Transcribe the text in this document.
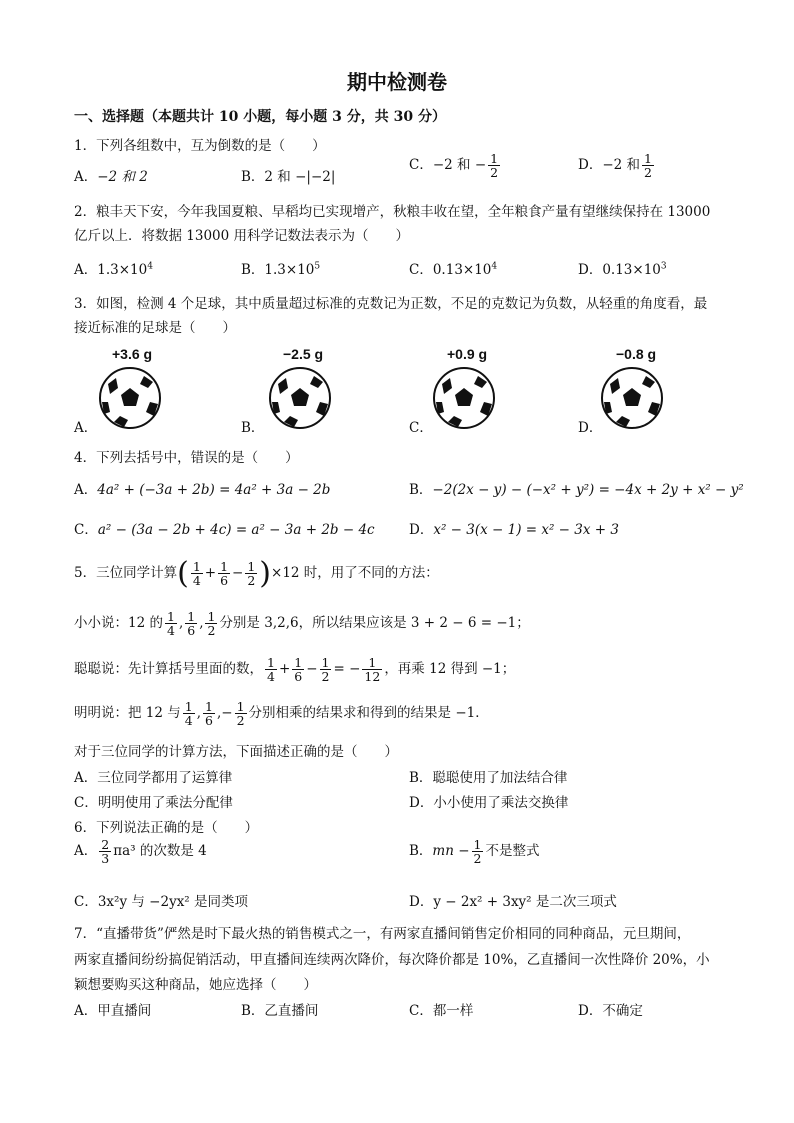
期中检测卷
一、选择题（本题共计 10 小题，每小题 3 分，共 30 分）
1．下列各组数中，互为倒数的是（　　）
A．−2 和 2	B．2 和 −|−2|
C．−2 和 − $\frac{1}{2}$	D．−2 和 $\frac{1}{2}$
2．粮丰天下安，今年我国夏粮、早稻均已实现增产，秋粮丰收在望，全年粮食产量有望继续保持在 13000
亿斤以上．将数据 13000 用科学记数法表示为（　　）
A．$1.3\times 10^4$	B．$1.3\times 10^5$	C．$0.13\times 10^4$	D．$0.13\times 10^3$
3．如图，检测 4 个足球，其中质量超过标准的克数记为正数，不足的克数记为负数，从轻重的角度看，最
接近标准的足球是（　　）
+3.6 g	−2.5 g	+0.9 g	−0.8 g
A．	B．	C．	D．
4．下列去括号中，错误的是（　　）
A．4a² + (−3a + 2b) = 4a² + 3a − 2b	B．−2(2x − y) − (−x² + y²) = −4x + 2y + x² − y²
C．a² − (3a − 2b + 4c) = a² − 3a + 2b − 4c	D．x² − 3(x − 1) = x² − 3x + 3
5．三位同学计算( $\frac{1}{4} + \frac{1}{6} - \frac{1}{2} )\times 12$ 时，用了不同的方法：
小小说：12 的 $\frac{1}{4}$ , $\frac{1}{6}$ , $\frac{1}{2}$ 分别是 3,2,6，所以结果应该是 3 + 2 − 6 = −1；
聪聪说：先计算括号里面的数， $\frac{1}{4} + \frac{1}{6} - \frac{1}{2}$ = − $\frac{1}{12}$ ，再乘 12 得到 −1；
明明说：把 12 与 $\frac{1}{4}$ , $\frac{1}{6}$ ,− $\frac{1}{2}$ 分别相乘的结果求和得到的结果是 −1．
对于三位同学的计算方法，下面描述正确的是（　　）
A．三位同学都用了运算律	B．聪聪使用了加法结合律
C．明明使用了乘法分配律	D．小小使用了乘法交换律
6．下列说法正确的是（　　）
A． $\frac{2}{3} \pi a^3$ 的次数是 4	B．mn − $\frac{1}{2}$ 不是整式
C．3x²y 与 −2yx² 是同类项	D．y − 2x² + 3xy² 是二次三项式
7．“直播带货”俨然是时下最火热的销售模式之一，有两家直播间销售定价相同的同种商品，元旦期间，
两家直播间纷纷搞促销活动，甲直播间连续两次降价，每次降价都是 10%，乙直播间一次性降价 20%，小
颖想要购买这种商品，她应选择（　　）
A．甲直播间	B．乙直播间	C．都一样	D．不确定
